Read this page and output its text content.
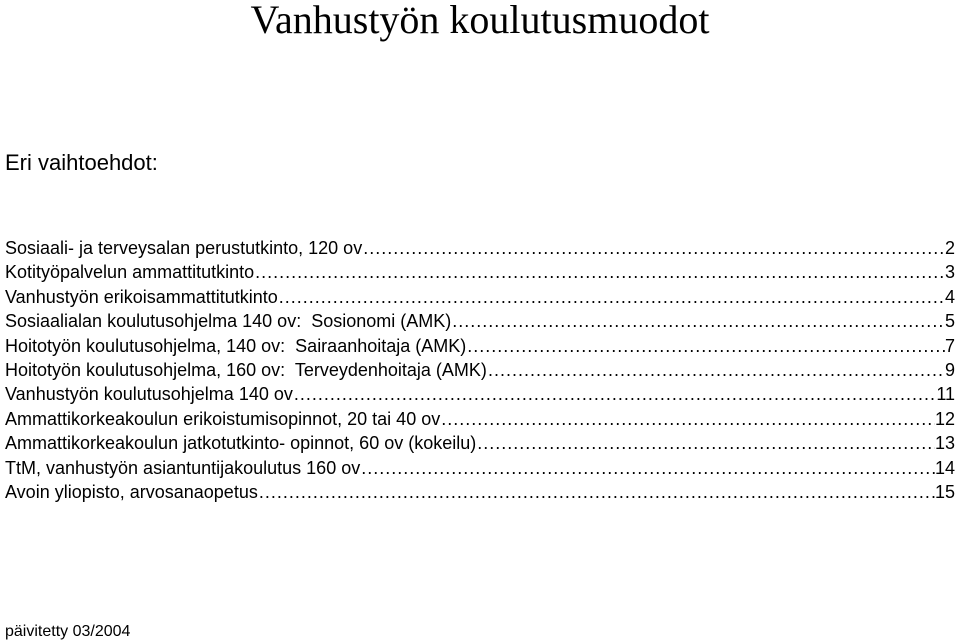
Vanhustyön koulutusmuodot
Eri vaihtoehdot:
Sosiaali- ja terveysalan perustutkinto, 120 ov .....	2
Kotityöpalvelun ammattitutkinto .....	3
Vanhustyön erikoisammattitutkinto .....	4
Sosiaalialan koulutusohjelma 140 ov:  Sosionomi (AMK) .....	5
Hoitotyön koulutusohjelma, 140 ov:  Sairaanhoitaja (AMK) .....	7
Hoitotyön koulutusohjelma, 160 ov:  Terveydenhoitaja (AMK) .....	9
Vanhustyön koulutusohjelma 140 ov .....	11
Ammattikorkeakoulun erikoistumisopinnot, 20 tai 40 ov .....	12
Ammattikorkeakoulun jatkotutkinto- opinnot, 60 ov (kokeilu) .....	13
TtM, vanhustyön asiantuntijakoulutus 160 ov .....	14
Avoin yliopisto, arvosanaopetus .....	15

päivitetty 03/2004
